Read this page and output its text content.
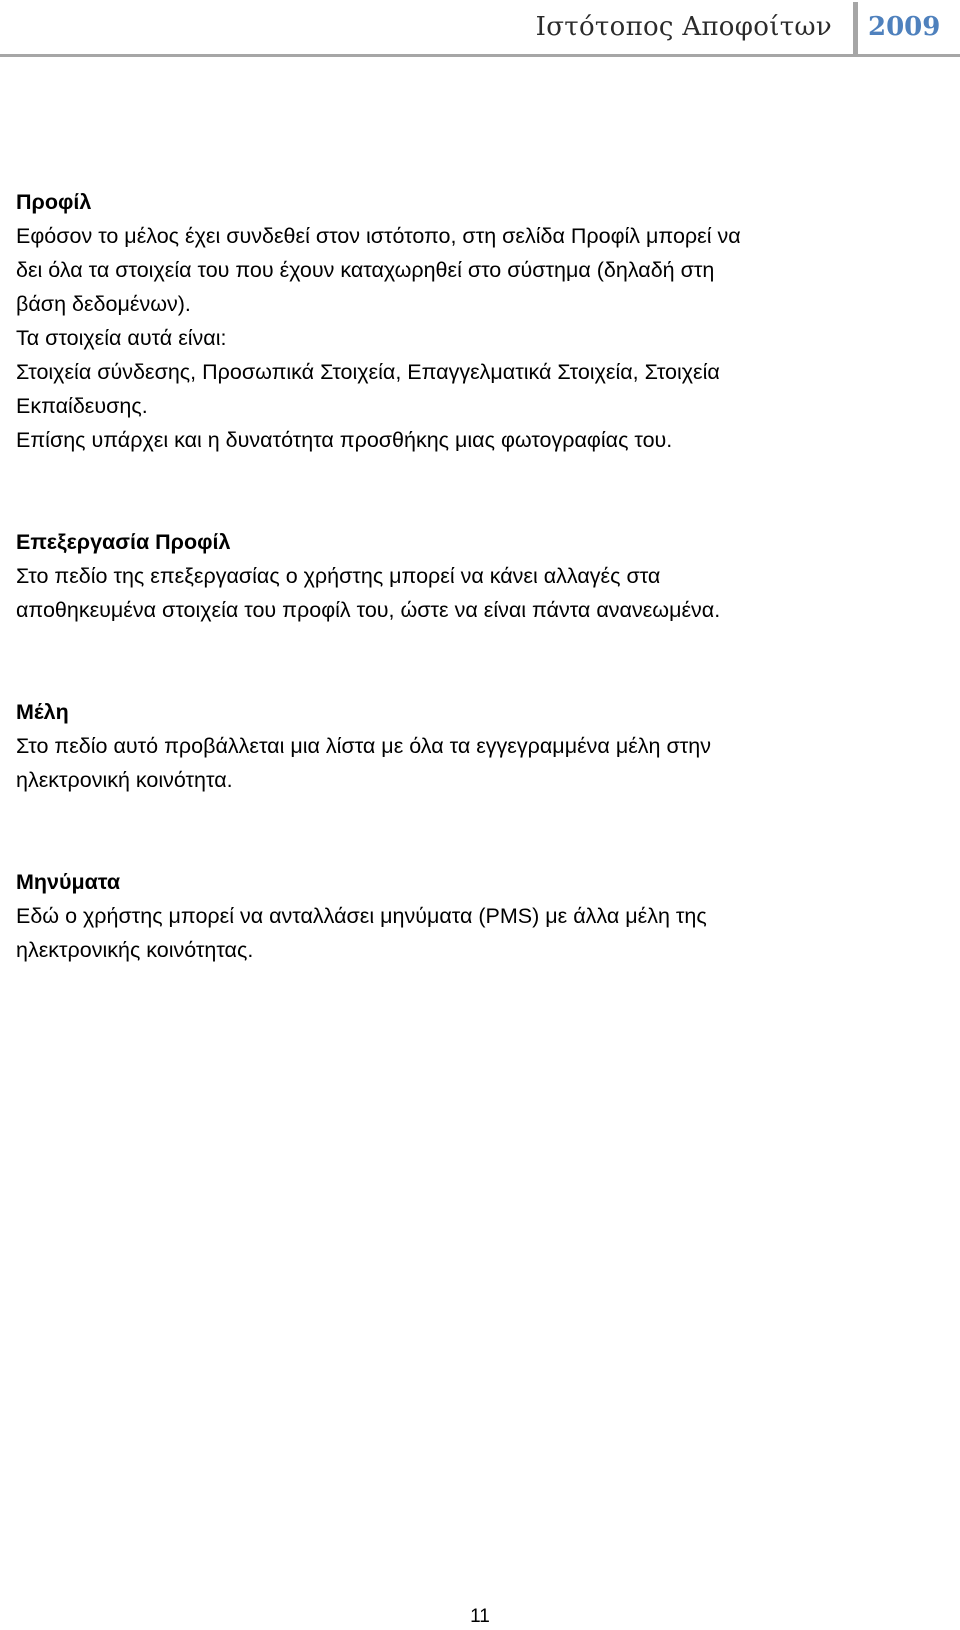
Ιστότοπος Αποφοίτων 2009

Προφίλ

Εφόσον το μέλος έχει συνδεθεί στον ιστότοπο, στη σελίδα Προφίλ μπορεί να

δει όλα τα στοιχεία του που έχουν καταχωρηθεί στο σύστημα (δηλαδή στη

βάση δεδομένων).

Τα στοιχεία αυτά είναι:

Στοιχεία σύνδεσης, Προσωπικά Στοιχεία, Επαγγελματικά Στοιχεία, Στοιχεία

Εκπαίδευσης.

Επίσης υπάρχει και η δυνατότητα προσθήκης μιας φωτογραφίας του.

Επεξεργασία Προφίλ

Στο πεδίο της επεξεργασίας ο χρήστης μπορεί να κάνει αλλαγές στα

αποθηκευμένα στοιχεία του προφίλ του, ώστε να είναι πάντα ανανεωμένα.

Μέλη

Στο πεδίο αυτό προβάλλεται μια λίστα με όλα τα εγγεγραμμένα μέλη στην

ηλεκτρονική κοινότητα.

Μηνύματα

Εδώ ο χρήστης μπορεί να ανταλλάσει μηνύματα (PMS) με άλλα μέλη της

ηλεκτρονικής κοινότητας.

11
